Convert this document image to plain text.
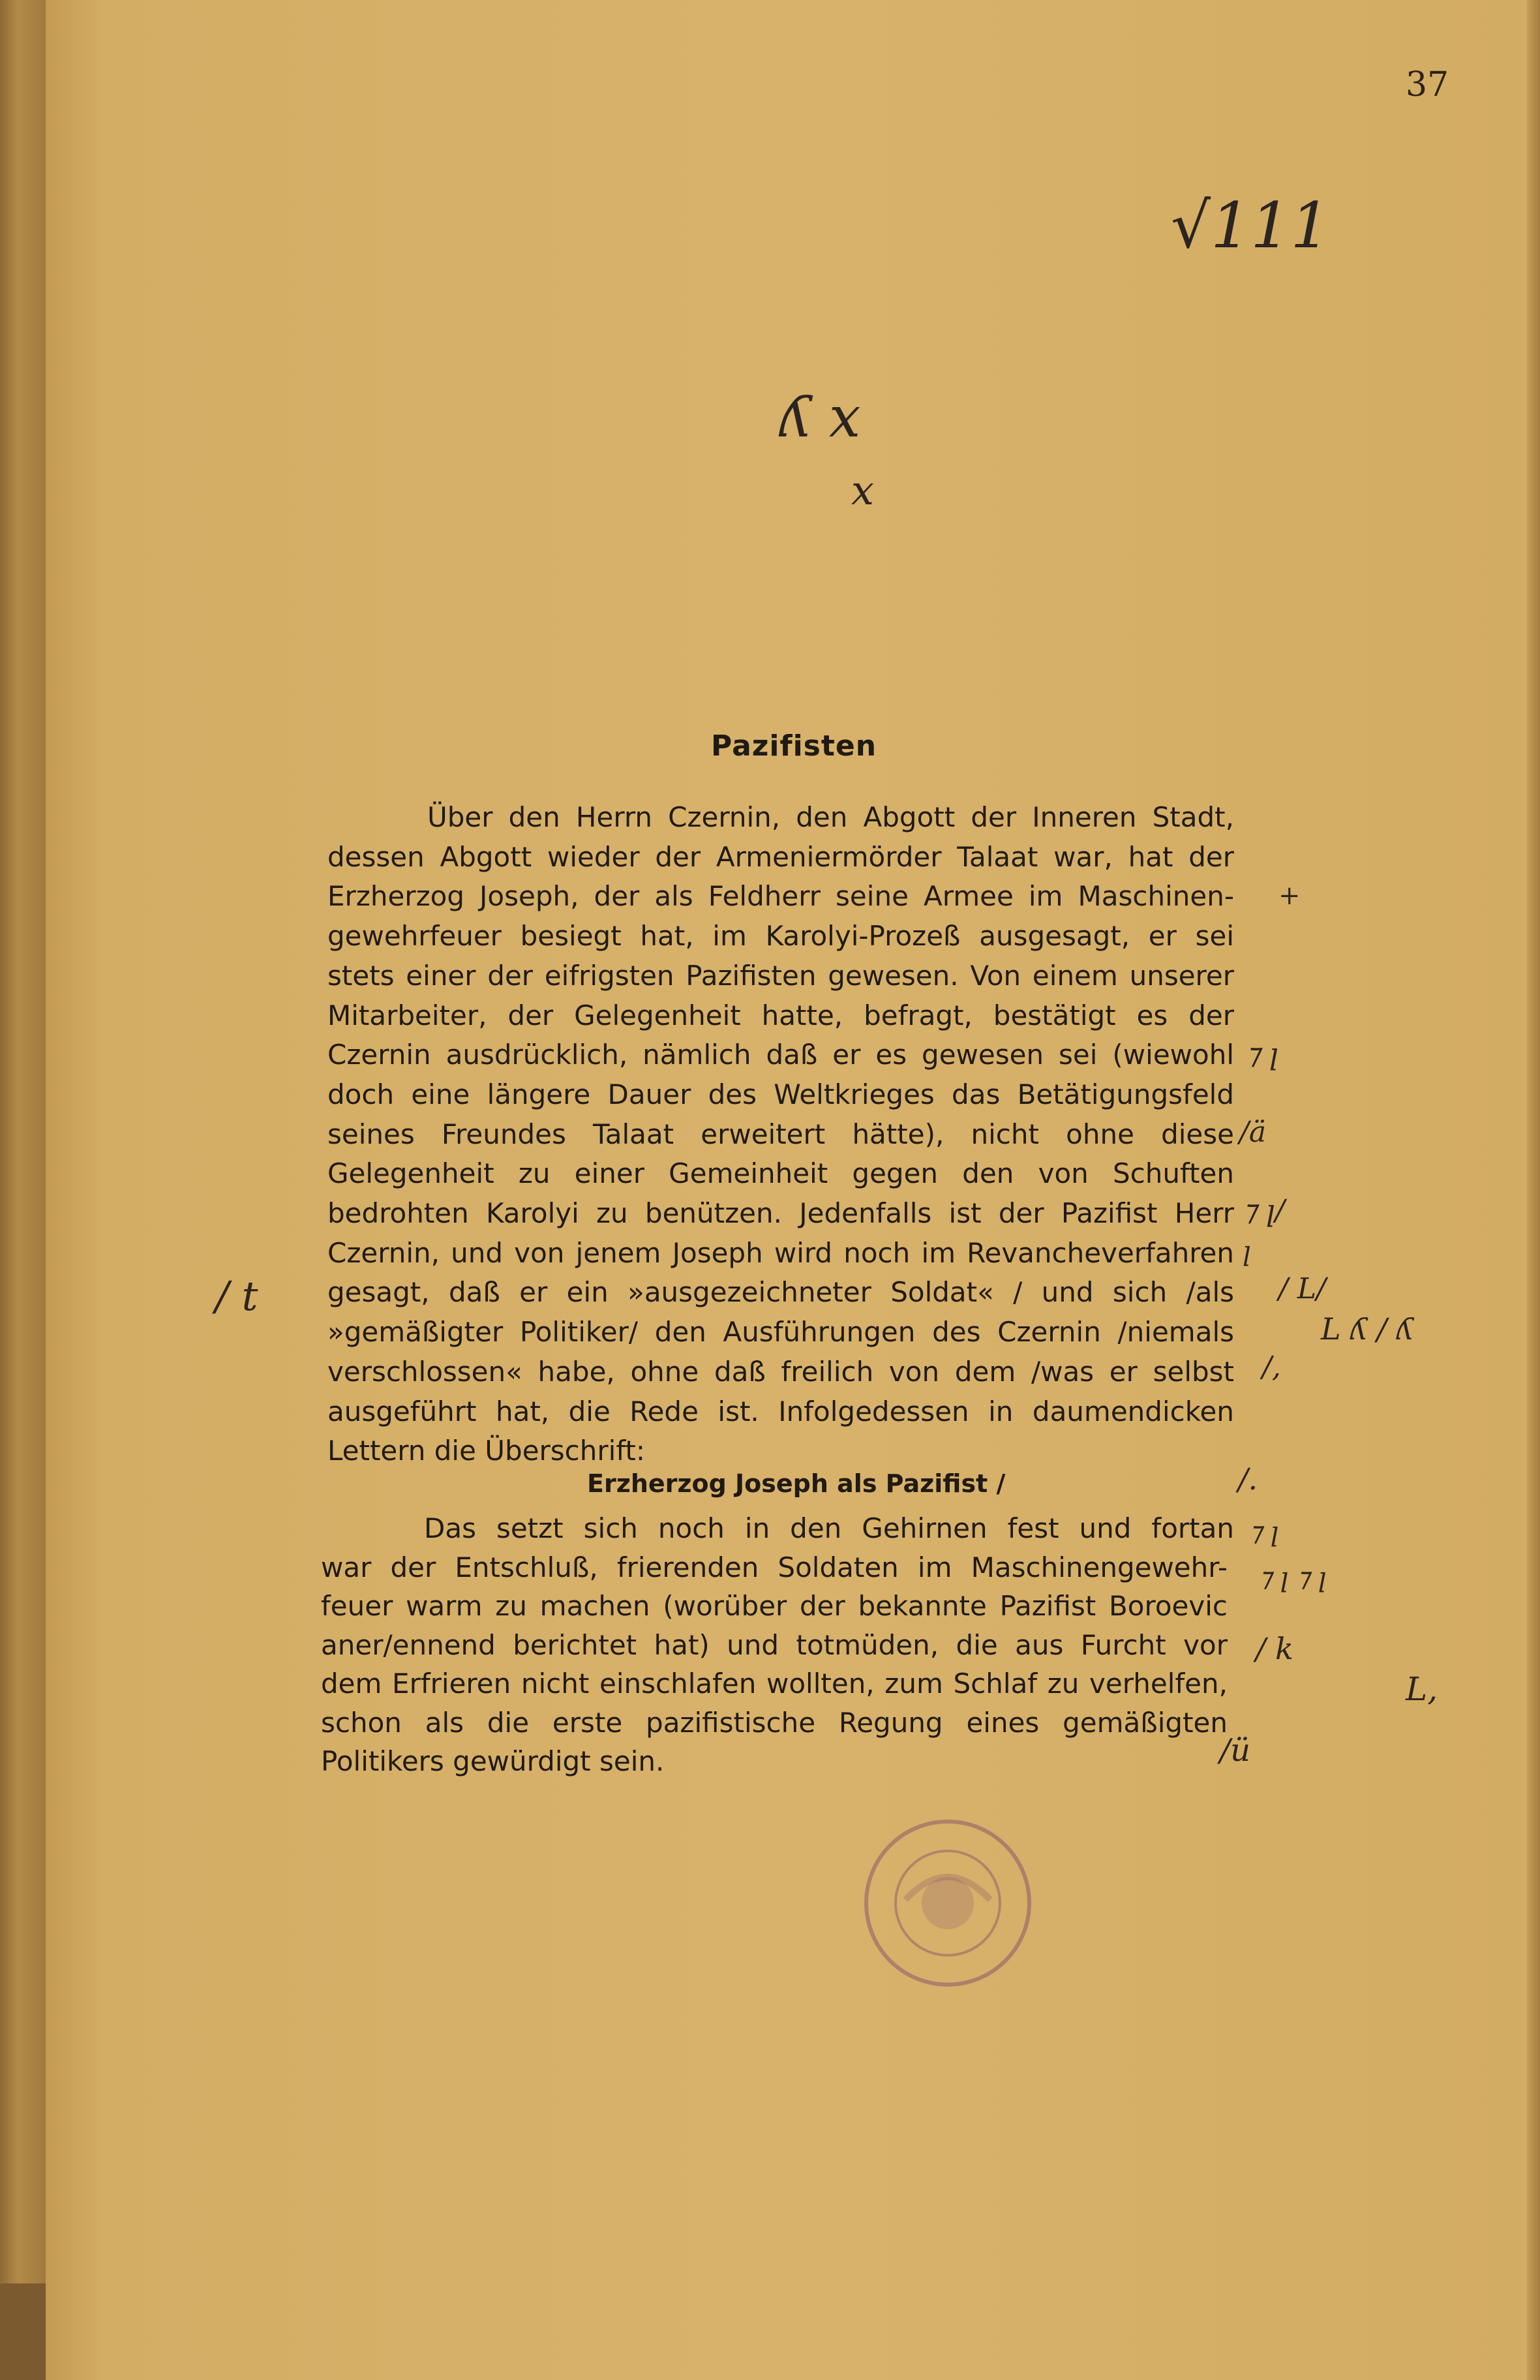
37
√111
ʎ x
x
Pazifisten
Über den Herrn Czernin, den Abgott der Inneren Stadt,
dessen Abgott wieder der Armeniermörder Talaat war, hat der
Erzherzog Joseph, der als Feldherr seine Armee im Maschinen-
gewehrfeuer besiegt hat, im Karolyi-Prozeß ausgesagt, er sei
stets einer der eifrigsten Pazifisten gewesen. Von einem unserer
Mitarbeiter, der Gelegenheit hatte, befragt, bestätigt es der
Czernin ausdrücklich, nämlich daß er es gewesen sei (wiewohl
doch eine längere Dauer des Weltkrieges das Betätigungsfeld
seines Freundes Talaat erweitert hätte), nicht ohne diese
Gelegenheit zu einer Gemeinheit gegen den von Schuften
bedrohten Karolyi zu benützen. Jedenfalls ist der Pazifist Herr
Czernin, und von jenem Joseph wird noch im Revancheverfahren
gesagt, daß er ein »ausgezeichneter Soldat« / und sich /als
»gemäßigter Politiker/ den Ausführungen des Czernin /niemals
verschlossen« habe, ohne daß freilich von dem /was er selbst
ausgeführt hat, die Rede ist. Infolgedessen in daumendicken
Lettern die Überschrift:
Erzherzog Joseph als Pazifist /
Das setzt sich noch in den Gehirnen fest und fortan
war der Entschluß, frierenden Soldaten im Maschinengewehr-
feuer warm zu machen (worüber der bekannte Pazifist Boroevic
aner/ennend berichtet hat) und totmüden, die aus Furcht vor
dem Erfrieren nicht einschlafen wollten, zum Schlaf zu verhelfen,
schon als die erste pazifistische Regung eines gemäßigten
Politikers gewürdigt sein.
+
⁊ ꞁ
/ä
⁊ ꞁ/
ꞁ
/ L/
L ʎ / ʎ
/,
/ t
/.
⁊ ꞁ
⁊ ꞁ ⁊ ꞁ
/ k
L,
/ü
